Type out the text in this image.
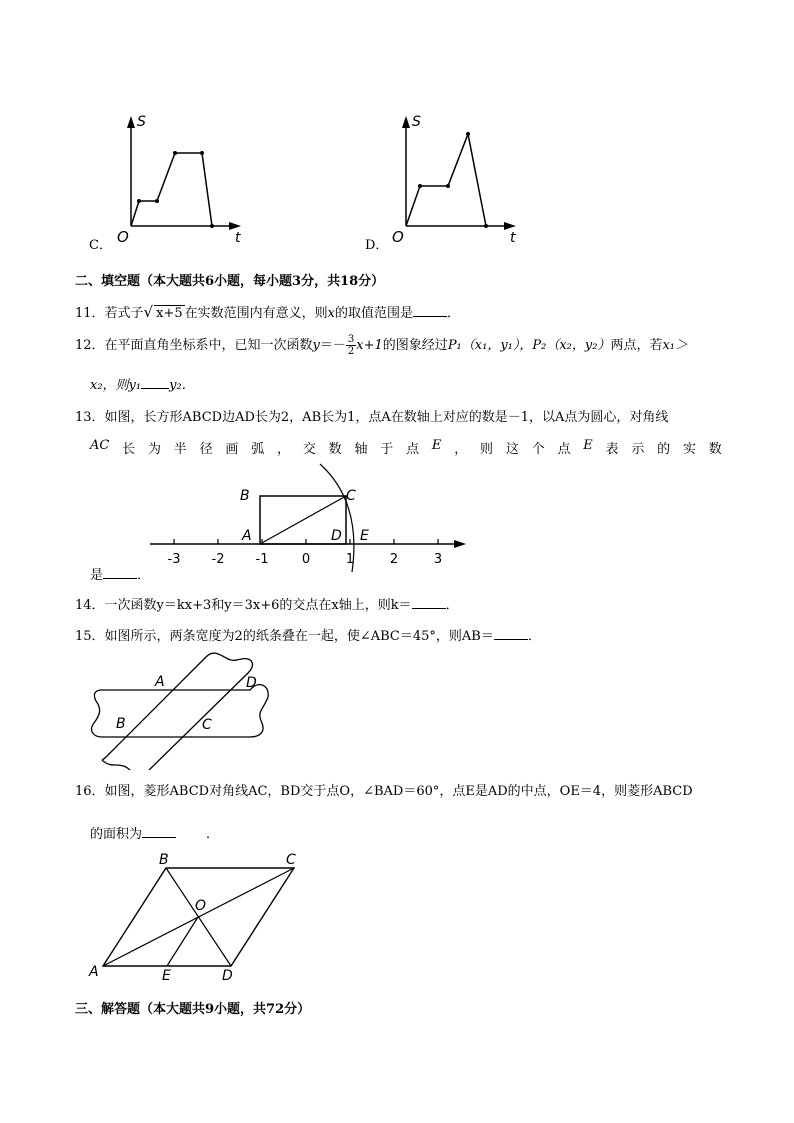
S
t
O
C．
S
t
O
D．
二、填空题（本大题共6小题，每小题3分，共18分）
11．若式子√ x+5 在实数范围内有意义，则x的取值范围是	．
12．在平面直角坐标系中，已知一次函数$y=- \frac{3}{2} x+1$的图象经过P₁（x₁，y₁），P₂（x₂，y₂）两点，若x₁＞
x₂，则y₁ y₂．
13．如图，长方形ABCD边AD长为2，AB长为1，点A在数轴上对应的数是－1，以A点为圆心，对角线
AC 长 为 半 径 画 弧 ， 交 数 轴 于 点 E ， 则 这 个 点 E 表 示 的 实 数
-3 -2 -1	0	1	2	3
B	C
A	D E
是	．
14．一次函数y＝kx+3和y＝3x+6的交点在x轴上，则k＝	．
15．如图所示，两条宽度为2的纸条叠在一起，使∠ABC＝45°，则AB＝	．
A	D
B	C
16．如图，菱形ABCD对角线AC，BD交于点O，∠BAD＝60°，点E是AD的中点，OE＝4，则菱形ABCD
的面积为	．
B	C
O
A	E	D
三、解答题（本大题共9小题，共72分）
